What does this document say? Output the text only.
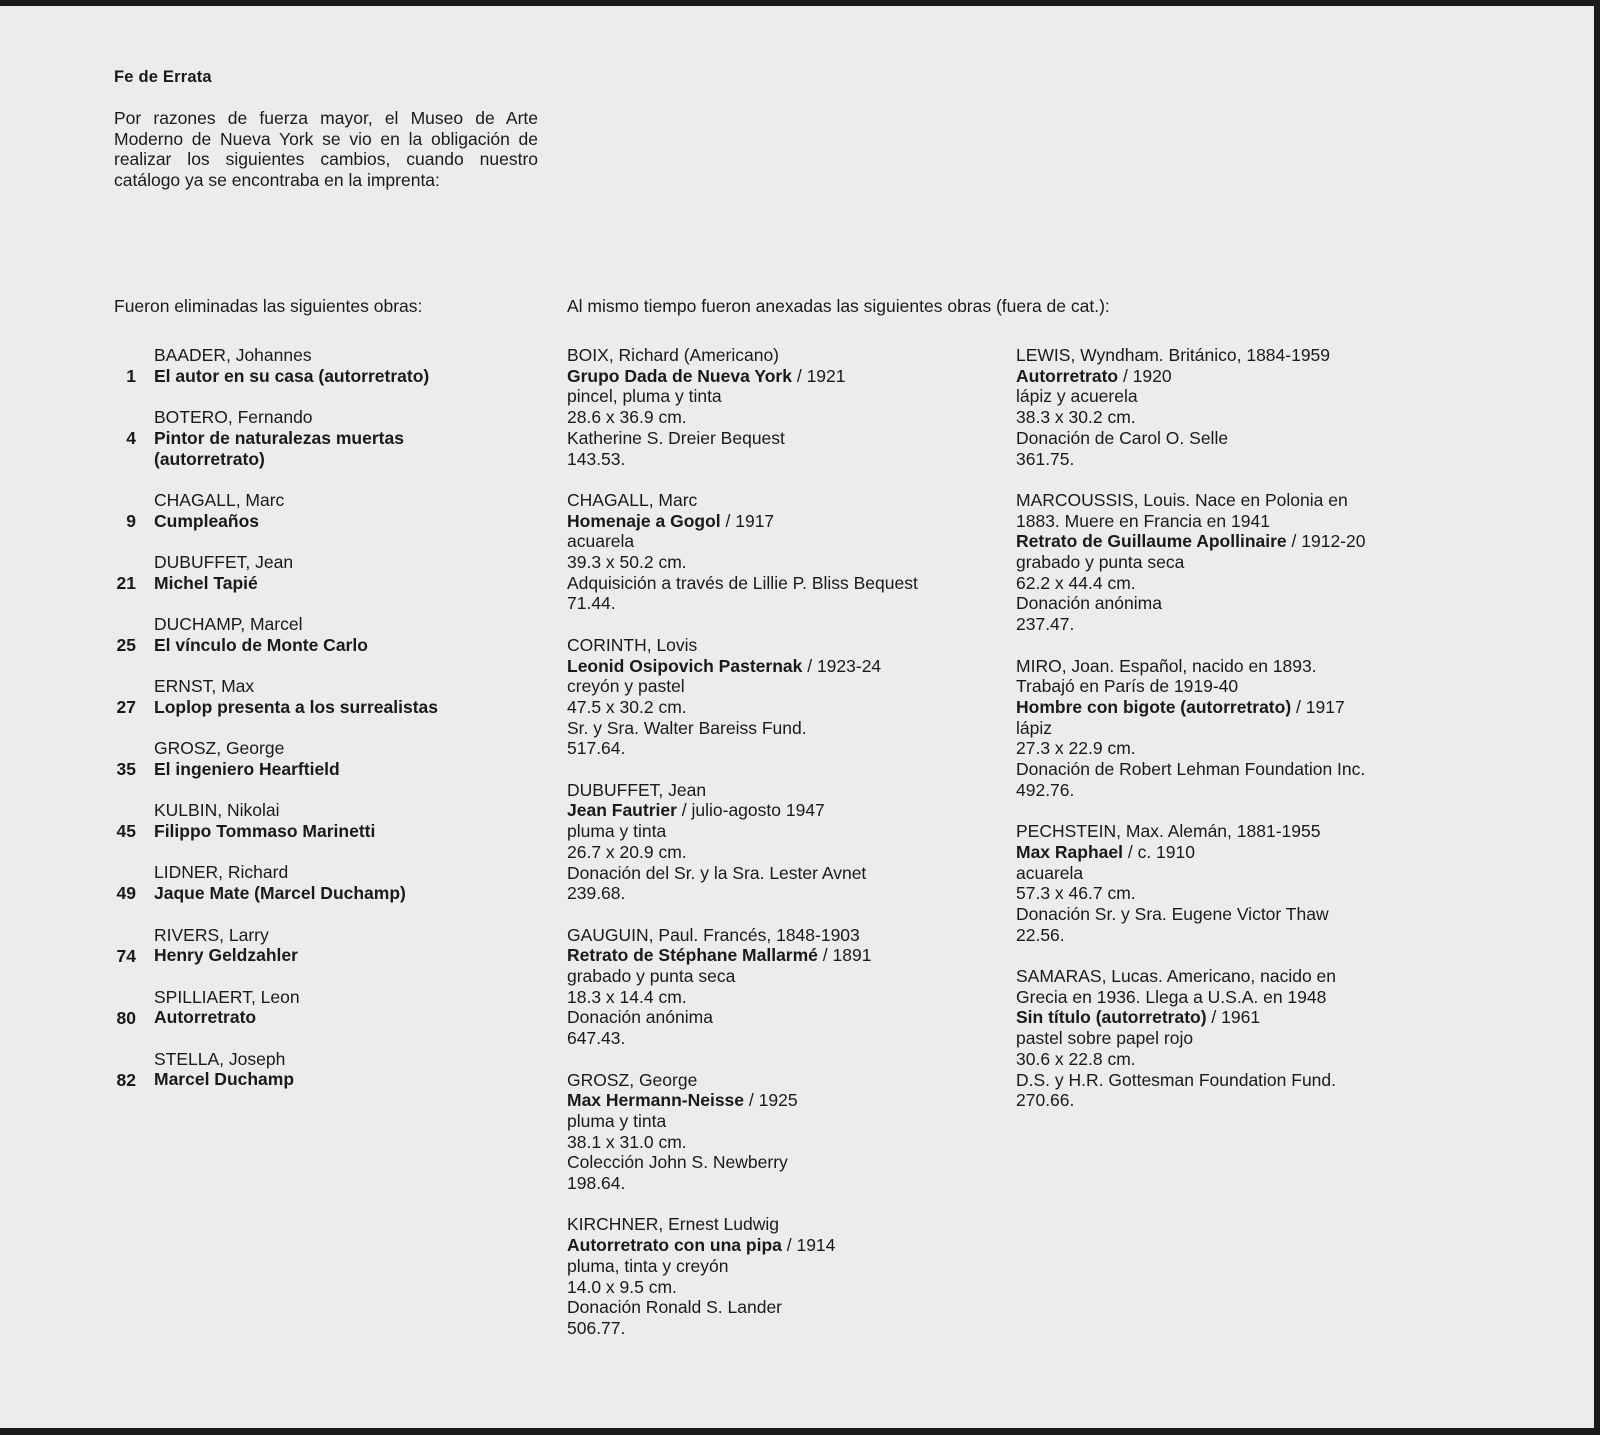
Fe de Errata
Por razones de fuerza mayor, el Museo de Arte Moderno de Nueva York se vio en la obligación de realizar los siguientes cambios, cuando nuestro catálogo ya se encontraba en la imprenta:
Fueron eliminadas las siguientes obras:	Al mismo tiempo fueron anexadas las siguientes obras (fuera de cat.):
BAADER, Johannes
1 El autor en su casa (autorretrato)
BOTERO, Fernando
4 Pintor de naturalezas muertas (autorretrato)
CHAGALL, Marc
9 Cumpleaños
DUBUFFET, Jean
21 Michel Tapié
DUCHAMP, Marcel
25 El vínculo de Monte Carlo
ERNST, Max
27 Loplop presenta a los surrealistas
GROSZ, George
35 El ingeniero Hearftield
KULBIN, Nikolai
45 Filippo Tommaso Marinetti
LIDNER, Richard
49 Jaque Mate (Marcel Duchamp)
RIVERS, Larry
74 Henry Geldzahler
SPILLIAERT, Leon
80 Autorretrato
STELLA, Joseph
82 Marcel Duchamp
BOIX, Richard (Americano)
Grupo Dada de Nueva York / 1921
pincel, pluma y tinta
28.6 x 36.9 cm.
Katherine S. Dreier Bequest
143.53.
CHAGALL, Marc
Homenaje a Gogol / 1917
acuarela
39.3 x 50.2 cm.
Adquisición a través de Lillie P. Bliss Bequest
71.44.
CORINTH, Lovis
Leonid Osipovich Pasternak / 1923-24
creyón y pastel
47.5 x 30.2 cm.
Sr. y Sra. Walter Bareiss Fund.
517.64.
DUBUFFET, Jean
Jean Fautrier / julio-agosto 1947
pluma y tinta
26.7 x 20.9 cm.
Donación del Sr. y la Sra. Lester Avnet
239.68.
GAUGUIN, Paul. Francés, 1848-1903
Retrato de Stéphane Mallarmé / 1891
grabado y punta seca
18.3 x 14.4 cm.
Donación anónima
647.43.
GROSZ, George
Max Hermann-Neisse / 1925
pluma y tinta
38.1 x 31.0 cm.
Colección John S. Newberry
198.64.
KIRCHNER, Ernest Ludwig
Autorretrato con una pipa / 1914
pluma, tinta y creyón
14.0 x 9.5 cm.
Donación Ronald S. Lander
506.77.
LEWIS, Wyndham. Británico, 1884-1959
Autorretrato / 1920
lápiz y acuerela
38.3 x 30.2 cm.
Donación de Carol O. Selle
361.75.
MARCOUSSIS, Louis. Nace en Polonia en
1883. Muere en Francia en 1941
Retrato de Guillaume Apollinaire / 1912-20
grabado y punta seca
62.2 x 44.4 cm.
Donación anónima
237.47.
MIRO, Joan. Español, nacido en 1893.
Trabajó en París de 1919-40
Hombre con bigote (autorretrato) / 1917
lápiz
27.3 x 22.9 cm.
Donación de Robert Lehman Foundation Inc.
492.76.
PECHSTEIN, Max. Alemán, 1881-1955
Max Raphael / c. 1910
acuarela
57.3 x 46.7 cm.
Donación Sr. y Sra. Eugene Victor Thaw
22.56.
SAMARAS, Lucas. Americano, nacido en
Grecia en 1936. Llega a U.S.A. en 1948
Sin título (autorretrato) / 1961
pastel sobre papel rojo
30.6 x 22.8 cm.
D.S. y H.R. Gottesman Foundation Fund.
270.66.
